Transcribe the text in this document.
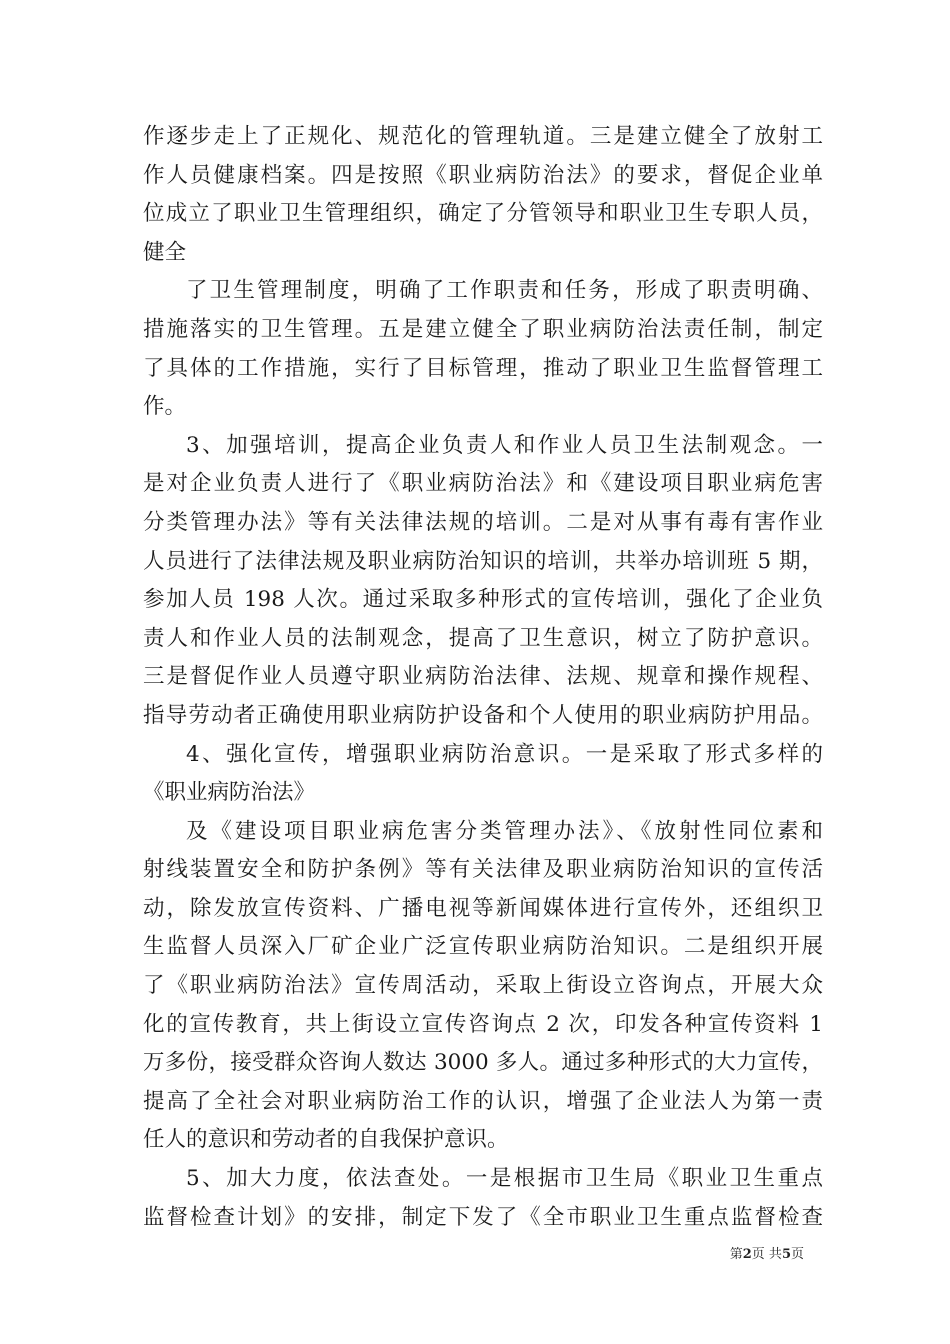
作逐步走上了正规化、规范化的管理轨道。三是建立健全了放射工
作人员健康档案。四是按照《职业病防治法》的要求，督促企业单
位成立了职业卫生管理组织，确定了分管领导和职业卫生专职人员，
健全
了卫生管理制度，明确了工作职责和任务，形成了职责明确、
措施落实的卫生管理。五是建立健全了职业病防治法责任制，制定
了具体的工作措施，实行了目标管理，推动了职业卫生监督管理工
作。
3、加强培训，提高企业负责人和作业人员卫生法制观念。一
是对企业负责人进行了《职业病防治法》和《建设项目职业病危害
分类管理办法》等有关法律法规的培训。二是对从事有毒有害作业
人员进行了法律法规及职业病防治知识的培训，共举办培训班 5 期，
参加人员 198 人次。通过采取多种形式的宣传培训，强化了企业负
责人和作业人员的法制观念，提高了卫生意识，树立了防护意识。
三是督促作业人员遵守职业病防治法律、法规、规章和操作规程、
指导劳动者正确使用职业病防护设备和个人使用的职业病防护用品。
4、强化宣传，增强职业病防治意识。一是采取了形式多样的
《职业病防治法》
及《建设项目职业病危害分类管理办法》、《放射性同位素和
射线装置安全和防护条例》等有关法律及职业病防治知识的宣传活
动，除发放宣传资料、广播电视等新闻媒体进行宣传外，还组织卫
生监督人员深入厂矿企业广泛宣传职业病防治知识。二是组织开展
了《职业病防治法》宣传周活动，采取上街设立咨询点，开展大众
化的宣传教育，共上街设立宣传咨询点 2 次，印发各种宣传资料 1
万多份，接受群众咨询人数达 3000 多人。通过多种形式的大力宣传，
提高了全社会对职业病防治工作的认识，增强了企业法人为第一责
任人的意识和劳动者的自我保护意识。
5、加大力度，依法查处。一是根据市卫生局《职业卫生重点
监督检查计划》的安排，制定下发了《全市职业卫生重点监督检查
第2页 共5页
